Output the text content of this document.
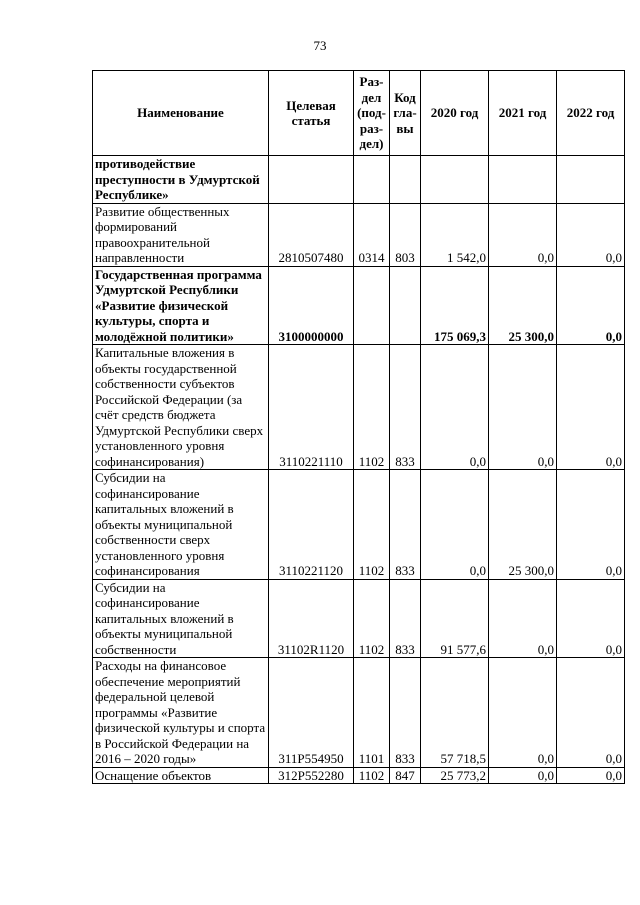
73
Наименование	Целевая статья	Раз-дел (под-раз-дел)	Код гла-вы	2020 год	2021 год	2022 год
противодействие преступности в Удмуртской Республике»						
Развитие общественных формирований правоохранительной направленности	2810507480	0314	803	1 542,0	0,0	0,0
Государственная программа Удмуртской Республики «Развитие физической культуры, спорта и молодёжной политики»	3100000000			175 069,3	25 300,0	0,0
Капитальные вложения в объекты государственной собственности субъектов Российской Федерации (за счёт средств бюджета Удмуртской Республики сверх установленного уровня софинансирования)	3110221110	1102	833	0,0	0,0	0,0
Субсидии на софинансирование капитальных вложений в объекты муниципальной собственности сверх установленного уровня софинансирования	3110221120	1102	833	0,0	25 300,0	0,0
Субсидии на софинансирование капитальных вложений в объекты муниципальной собственности	31102R1120	1102	833	91 577,6	0,0	0,0
Расходы на финансовое обеспечение мероприятий федеральной целевой программы «Развитие физической культуры и спорта в Российской Федерации на 2016 – 2020 годы»	311P554950	1101	833	57 718,5	0,0	0,0
Оснащение объектов	312P552280	1102	847	25 773,2	0,0	0,0
